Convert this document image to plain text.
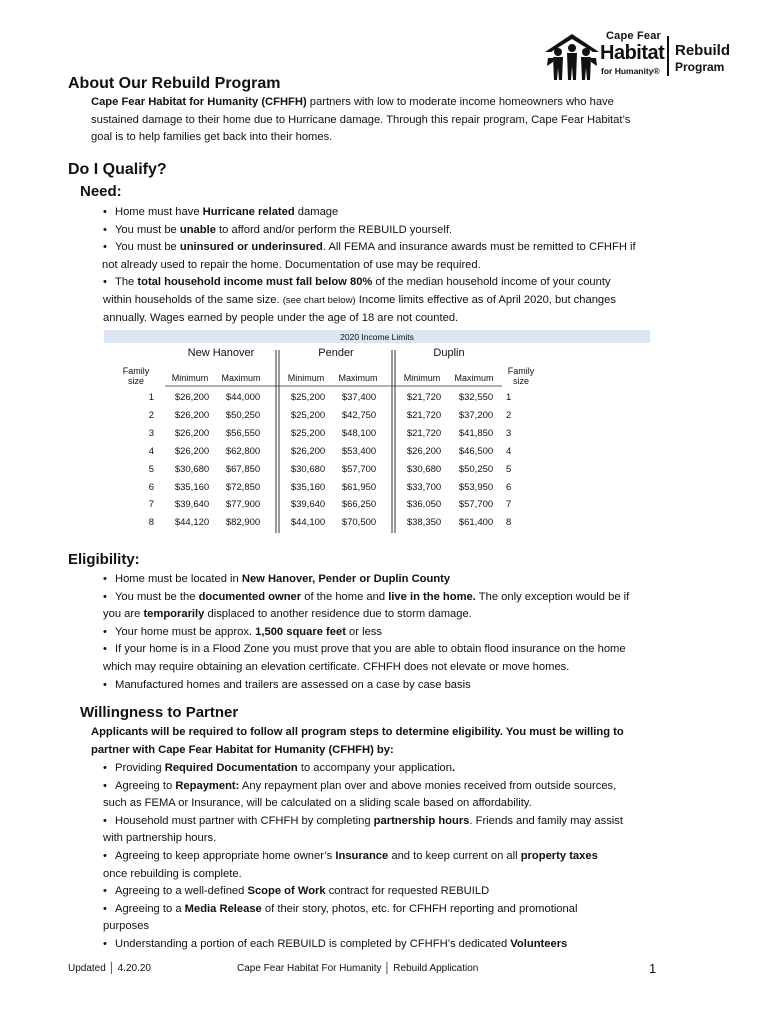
Cape Fear
Habitat
for Humanity®
Rebuild
Program
About Our Rebuild Program
Cape Fear Habitat for Humanity (CFHFH) partners with low to moderate income homeowners who have
sustained damage to their home due to Hurricane damage. Through this repair program, Cape Fear Habitat’s
goal is to help families get back into their homes.
Do I Qualify?
Need:
• Home must have Hurricane related damage
• You must be unable to afford and/or perform the REBUILD yourself.
• You must be uninsured or underinsured. All FEMA and insurance awards must be remitted to CFHFH if
not already used to repair the home. Documentation of use may be required.
• The total household income must fall below 80% of the median household income of your county
within households of the same size. (see chart below) Income limits effective as of April 2020, but changes
annually. Wages earned by people under the age of 18 are not counted.
2020 Income Limits
New Hanover	Pender	Duplin
Family size
Family size
Minimum	Maximum	Minimum	Maximum	Minimum	Maximum
1	$26,200	$44,000	$25,200	$37,400	$21,720	$32,550	1
2	$26,200	$50,250	$25,200	$42,750	$21,720	$37,200	2
3	$26,200	$56,550	$25,200	$48,100	$21,720	$41,850	3
4	$26,200	$62,800	$26,200	$53,400	$26,200	$46,500	4
5	$30,680	$67,850	$30,680	$57,700	$30,680	$50,250	5
6	$35,160	$72,850	$35,160	$61,950	$33,700	$53,950	6
7	$39,640	$77,900	$39,640	$66,250	$36,050	$57,700	7
8	$44,120	$82,900	$44,100	$70,500	$38,350	$61,400	8
Eligibility:
• Home must be located in New Hanover, Pender or Duplin County
• You must be the documented owner of the home and live in the home. The only exception would be if
you are temporarily displaced to another residence due to storm damage.
• Your home must be approx. 1,500 square feet or less
• If your home is in a Flood Zone you must prove that you are able to obtain flood insurance on the home
which may require obtaining an elevation certificate. CFHFH does not elevate or move homes.
• Manufactured homes and trailers are assessed on a case by case basis
Willingness to Partner
Applicants will be required to follow all program steps to determine eligibility. You must be willing to
partner with Cape Fear Habitat for Humanity (CFHFH) by:
• Providing Required Documentation to accompany your application.
• Agreeing to Repayment: Any repayment plan over and above monies received from outside sources,
such as FEMA or Insurance, will be calculated on a sliding scale based on affordability.
• Household must partner with CFHFH by completing partnership hours. Friends and family may assist
with partnership hours.
• Agreeing to keep appropriate home owner’s Insurance and to keep current on all property taxes
once rebuilding is complete.
• Agreeing to a well-defined Scope of Work contract for requested REBUILD
• Agreeing to a Media Release of their story, photos, etc. for CFHFH reporting and promotional
purposes
• Understanding a portion of each REBUILD is completed by CFHFH’s dedicated Volunteers
Updated │ 4.20.20	Cape Fear Habitat For Humanity │ Rebuild Application	1
